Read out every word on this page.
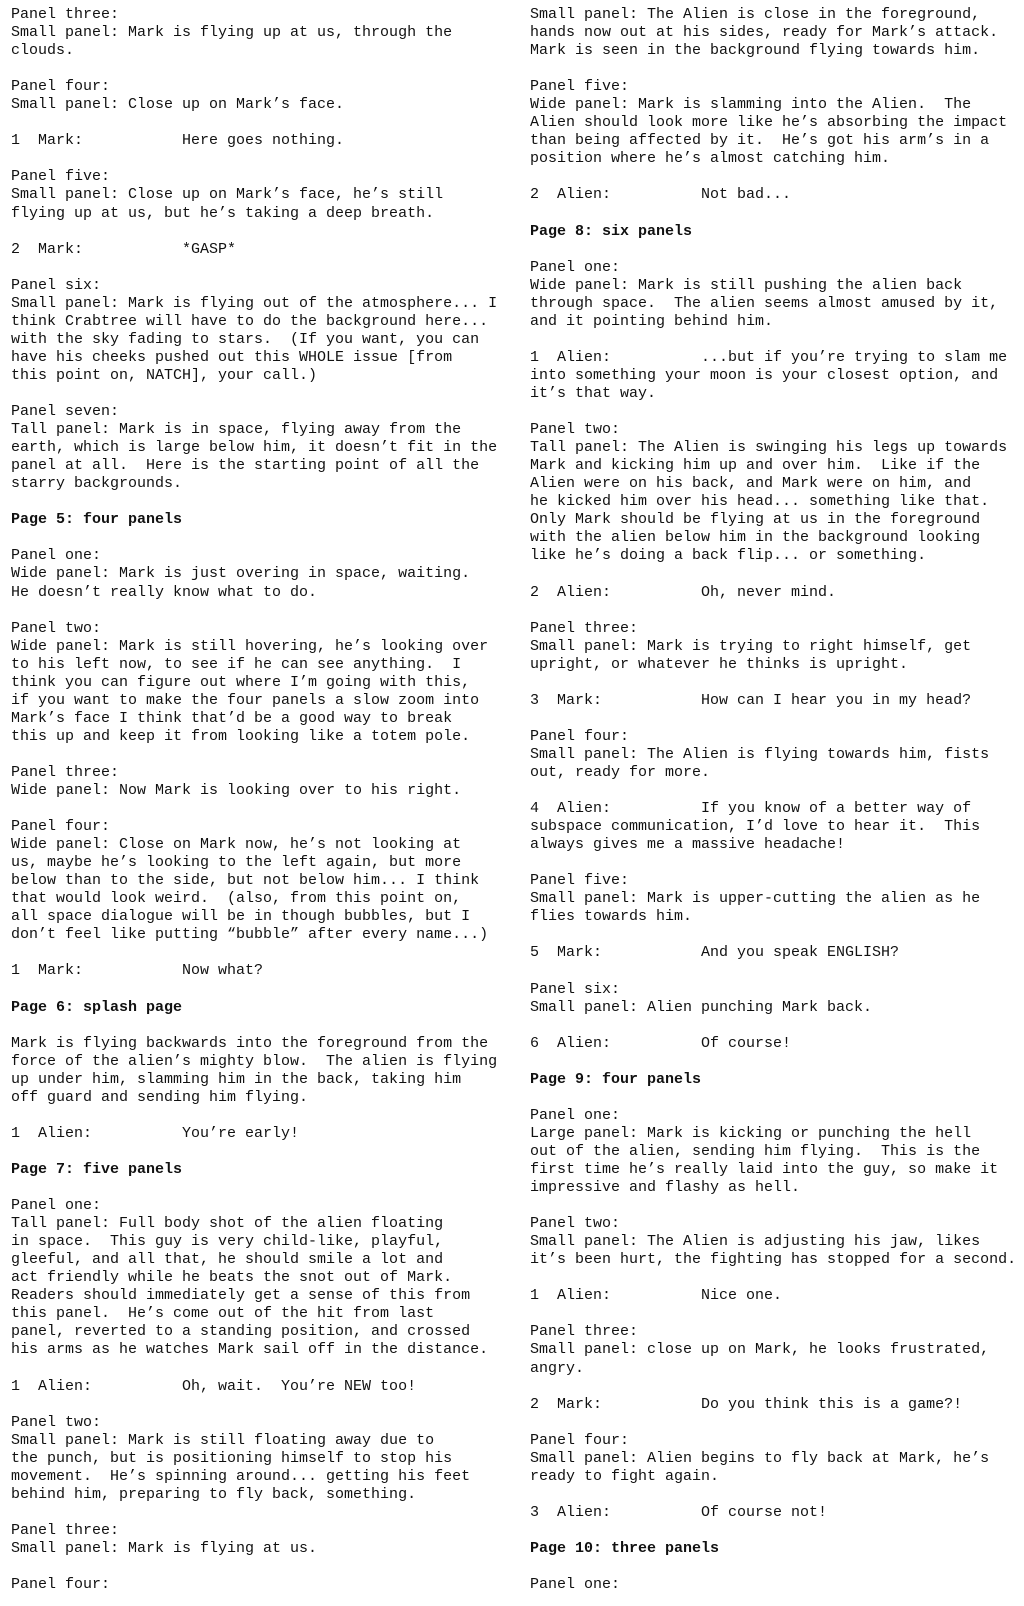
Panel three:
Small panel: Mark is flying up at us, through the
clouds.
Panel four:
Small panel: Close up on Mark’s face.
1  Mark:           Here goes nothing.
Panel five:
Small panel: Close up on Mark’s face, he’s still
flying up at us, but he’s taking a deep breath.
2  Mark:           *GASP*
Panel six:
Small panel: Mark is flying out of the atmosphere... I
think Crabtree will have to do the background here...
with the sky fading to stars.  (If you want, you can
have his cheeks pushed out this WHOLE issue [from
this point on, NATCH], your call.)
Panel seven:
Tall panel: Mark is in space, flying away from the
earth, which is large below him, it doesn’t fit in the
panel at all.  Here is the starting point of all the
starry backgrounds.
Page 5: four panels
Panel one:
Wide panel: Mark is just overing in space, waiting.
He doesn’t really know what to do.
Panel two:
Wide panel: Mark is still hovering, he’s looking over
to his left now, to see if he can see anything.  I
think you can figure out where I’m going with this,
if you want to make the four panels a slow zoom into
Mark’s face I think that’d be a good way to break
this up and keep it from looking like a totem pole.
Panel three:
Wide panel: Now Mark is looking over to his right.
Panel four:
Wide panel: Close on Mark now, he’s not looking at
us, maybe he’s looking to the left again, but more
below than to the side, but not below him... I think
that would look weird.  (also, from this point on,
all space dialogue will be in though bubbles, but I
don’t feel like putting “bubble” after every name...)
1  Mark:           Now what?
Page 6: splash page
Mark is flying backwards into the foreground from the
force of the alien’s mighty blow.  The alien is flying
up under him, slamming him in the back, taking him
off guard and sending him flying.
1  Alien:          You’re early!
Page 7: five panels
Panel one:
Tall panel: Full body shot of the alien floating
in space.  This guy is very child-like, playful,
gleeful, and all that, he should smile a lot and
act friendly while he beats the snot out of Mark.
Readers should immediately get a sense of this from
this panel.  He’s come out of the hit from last
panel, reverted to a standing position, and crossed
his arms as he watches Mark sail off in the distance.
1  Alien:          Oh, wait.  You’re NEW too!
Panel two:
Small panel: Mark is still floating away due to
the punch, but is positioning himself to stop his
movement.  He’s spinning around... getting his feet
behind him, preparing to fly back, something.
Panel three:
Small panel: Mark is flying at us.
Panel four:
Small panel: The Alien is close in the foreground,
hands now out at his sides, ready for Mark’s attack.
Mark is seen in the background flying towards him.
Panel five:
Wide panel: Mark is slamming into the Alien.  The
Alien should look more like he’s absorbing the impact
than being affected by it.  He’s got his arm’s in a
position where he’s almost catching him.
2  Alien:          Not bad...
Page 8: six panels
Panel one:
Wide panel: Mark is still pushing the alien back
through space.  The alien seems almost amused by it,
and it pointing behind him.
1  Alien:          ...but if you’re trying to slam me
into something your moon is your closest option, and
it’s that way.
Panel two:
Tall panel: The Alien is swinging his legs up towards
Mark and kicking him up and over him.  Like if the
Alien were on his back, and Mark were on him, and
he kicked him over his head... something like that.
Only Mark should be flying at us in the foreground
with the alien below him in the background looking
like he’s doing a back flip... or something.
2  Alien:          Oh, never mind.
Panel three:
Small panel: Mark is trying to right himself, get
upright, or whatever he thinks is upright.
3  Mark:           How can I hear you in my head?
Panel four:
Small panel: The Alien is flying towards him, fists
out, ready for more.
4  Alien:          If you know of a better way of
subspace communication, I’d love to hear it.  This
always gives me a massive headache!
Panel five:
Small panel: Mark is upper-cutting the alien as he
flies towards him.
5  Mark:           And you speak ENGLISH?
Panel six:
Small panel: Alien punching Mark back.
6  Alien:          Of course!
Page 9: four panels
Panel one:
Large panel: Mark is kicking or punching the hell
out of the alien, sending him flying.  This is the
first time he’s really laid into the guy, so make it
impressive and flashy as hell.
Panel two:
Small panel: The Alien is adjusting his jaw, likes
it’s been hurt, the fighting has stopped for a second.
1  Alien:          Nice one.
Panel three:
Small panel: close up on Mark, he looks frustrated,
angry.
2  Mark:           Do you think this is a game?!
Panel four:
Small panel: Alien begins to fly back at Mark, he’s
ready to fight again.
3  Alien:          Of course not!
Page 10: three panels
Panel one:
